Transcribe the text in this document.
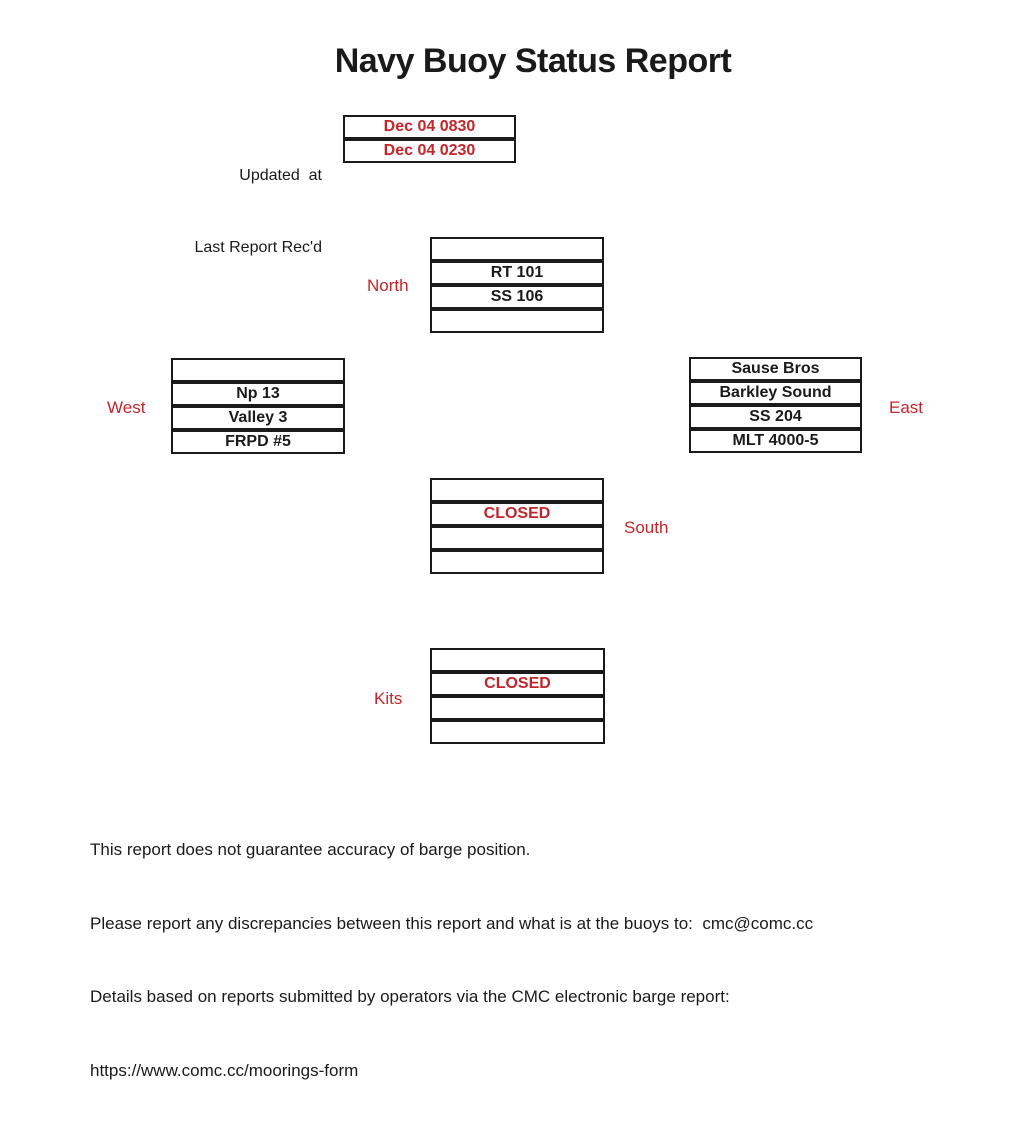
Navy Buoy Status Report

Updated  at

Last Report Rec'd

Dec 04 0830
Dec 04 0230
North
RT 101
SS 106
West
Np 13
Valley 3
FRPD #5
East
Sause Bros
Barkley Sound
SS 204
MLT 4000-5
South
CLOSED
Kits
CLOSED

This report does not guarantee accuracy of barge position.

Please report any discrepancies between this report and what is at the buoys to:  cmc@comc.cc

Details based on reports submitted by operators via the CMC electronic barge report:

https://www.comc.cc/moorings-form
